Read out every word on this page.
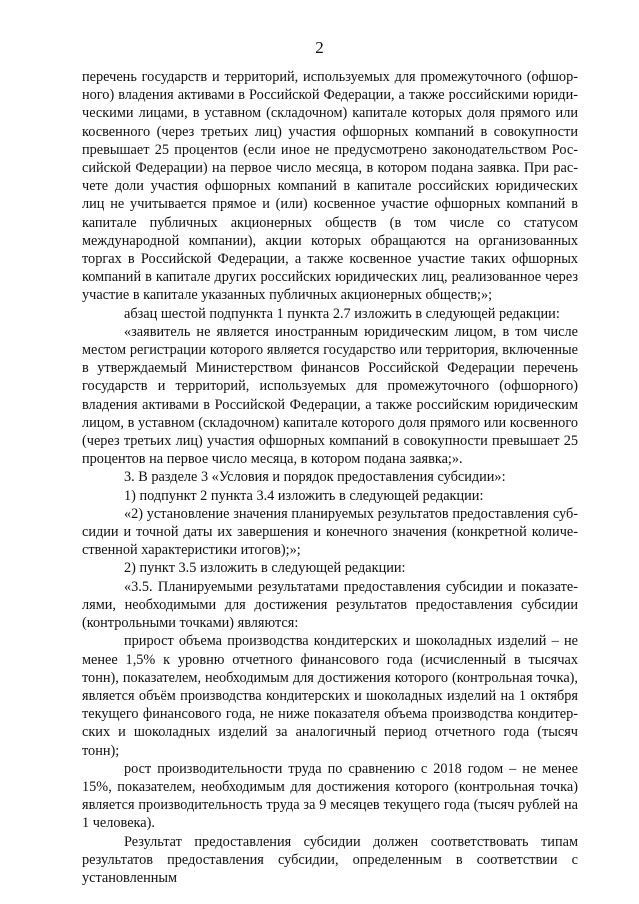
2

перечень государств и территорий, используемых для промежуточного (офшорного) владения активами в Российской Федерации, а также российскими юридическими лицами, в уставном (складочном) капитале которых доля прямого или косвенного (через третьих лиц) участия офшорных компаний в совокупности превышает 25 процентов (если иное не предусмотрено законодательством Российской Федерации) на первое число месяца, в котором подана заявка. При расчете доли участия офшорных компаний в капитале российских юридических лиц не учитывается прямое и (или) косвенное участие офшорных компаний в капитале публичных акционерных обществ (в том числе со статусом международной компании), акции которых обращаются на организованных торгах в Российской Федерации, а также косвенное участие таких офшорных компаний в капитале других российских юридических лиц, реализованное через участие в капитале указанных публичных акционерных обществ;»;

абзац шестой подпункта 1 пункта 2.7 изложить в следующей редакции:

«заявитель не является иностранным юридическим лицом, в том числе местом регистрации которого является государство или территория, включенные в утверждаемый Министерством финансов Российской Федерации перечень государств и территорий, используемых для промежуточного (офшорного) владения активами в Российской Федерации, а также российским юридическим лицом, в уставном (складочном) капитале которого доля прямого или косвенного (через третьих лиц) участия офшорных компаний в совокупности превышает 25 процентов на первое число месяца, в котором подана заявка;».

3. В разделе 3 «Условия и порядок предоставления субсидии»:

1) подпункт 2 пункта 3.4 изложить в следующей редакции:

«2) установление значения планируемых результатов предоставления субсидии и точной даты их завершения и конечного значения (конкретной количественной характеристики итогов);»;

2) пункт 3.5 изложить в следующей редакции:

«3.5. Планируемыми результатами предоставления субсидии и показателями, необходимыми для достижения результатов предоставления субсидии (контрольными точками) являются:

прирост объема производства кондитерских и шоколадных изделий – не менее 1,5% к уровню отчетного финансового года (исчисленный в тысячах тонн), показателем, необходимым для достижения которого (контрольная точка), является объём производства кондитерских и шоколадных изделий на 1 октября текущего финансового года, не ниже показателя объема производства кондитерских и шоколадных изделий за аналогичный период отчетного года (тысяч тонн);

рост производительности труда по сравнению с 2018 годом – не менее 15%, показателем, необходимым для достижения которого (контрольная точка) является производительность труда за 9 месяцев текущего года (тысяч рублей на 1 человека).

Результат предоставления субсидии должен соответствовать типам результатов предоставления субсидии, определенным в соответствии с установленным
